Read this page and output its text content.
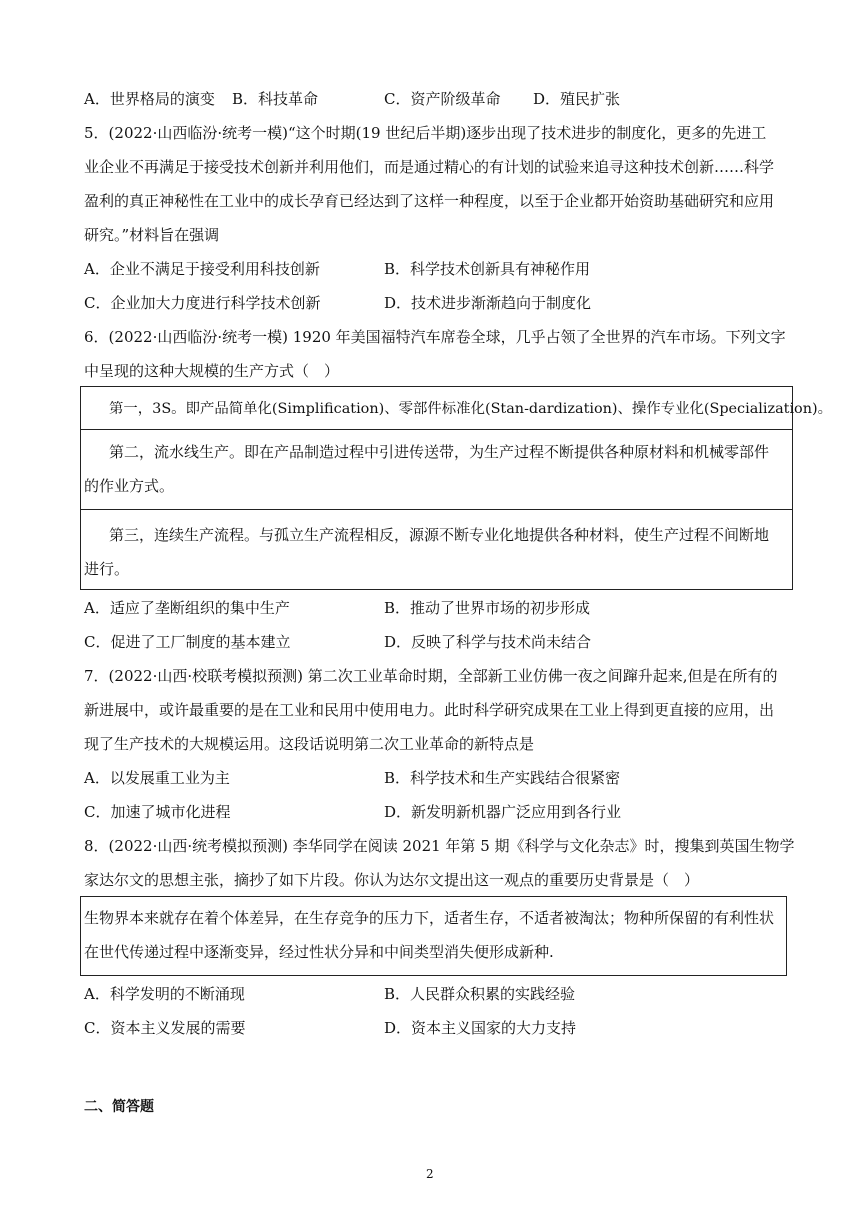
A．世界格局的演变 B．科技革命	C．资产阶级革命 D．殖民扩张
5．(2022·山西临汾·统考一模)“这个时期(19 世纪后半期)逐步出现了技术进步的制度化，更多的先进工
业企业不再满足于接受技术创新并利用他们，而是通过精心的有计划的试验来追寻这种技术创新……科学
盈利的真正神秘性在工业中的成长孕育已经达到了这样一种程度，以至于企业都开始资助基础研究和应用
研究。”材料旨在强调
A．企业不满足于接受利用科技创新	B．科学技术创新具有神秘作用
C．企业加大力度进行科学技术创新	D．技术进步渐渐趋向于制度化
6．(2022·山西临汾·统考一模) 1920 年美国福特汽车席卷全球，几乎占领了全世界的汽车市场。下列文字
中呈现的这种大规模的生产方式（　）
第一，3S。即产品简单化(Simplification)、零部件标准化(Stan-dardization)、操作专业化(Specialization)。
第二，流水线生产。即在产品制造过程中引进传送带，为生产过程不断提供各种原材料和机械零部件
的作业方式。
第三，连续生产流程。与孤立生产流程相反，源源不断专业化地提供各种材料，使生产过程不间断地
进行。
A．适应了垄断组织的集中生产	B．推动了世界市场的初步形成
C．促进了工厂制度的基本建立	D．反映了科学与技术尚未结合
7．(2022·山西·校联考模拟预测) 第二次工业革命时期，全部新工业仿佛一夜之间蹿升起来,但是在所有的
新进展中，或许最重要的是在工业和民用中使用电力。此时科学研究成果在工业上得到更直接的应用，出
现了生产技术的大规模运用。这段话说明第二次工业革命的新特点是
A．以发展重工业为主	B．科学技术和生产实践结合很紧密
C．加速了城市化进程	D．新发明新机器广泛应用到各行业
8．(2022·山西·统考模拟预测) 李华同学在阅读 2021 年第 5 期《科学与文化杂志》时，搜集到英国生物学
家达尔文的思想主张，摘抄了如下片段。你认为达尔文提出这一观点的重要历史背景是（　）
生物界本来就存在着个体差异，在生存竞争的压力下，适者生存，不适者被淘汰；物种所保留的有利性状
在世代传递过程中逐渐变异，经过性状分异和中间类型消失便形成新种.
A．科学发明的不断涌现	B．人民群众积累的实践经验
C．资本主义发展的需要	D．资本主义国家的大力支持
二、简答题
2
